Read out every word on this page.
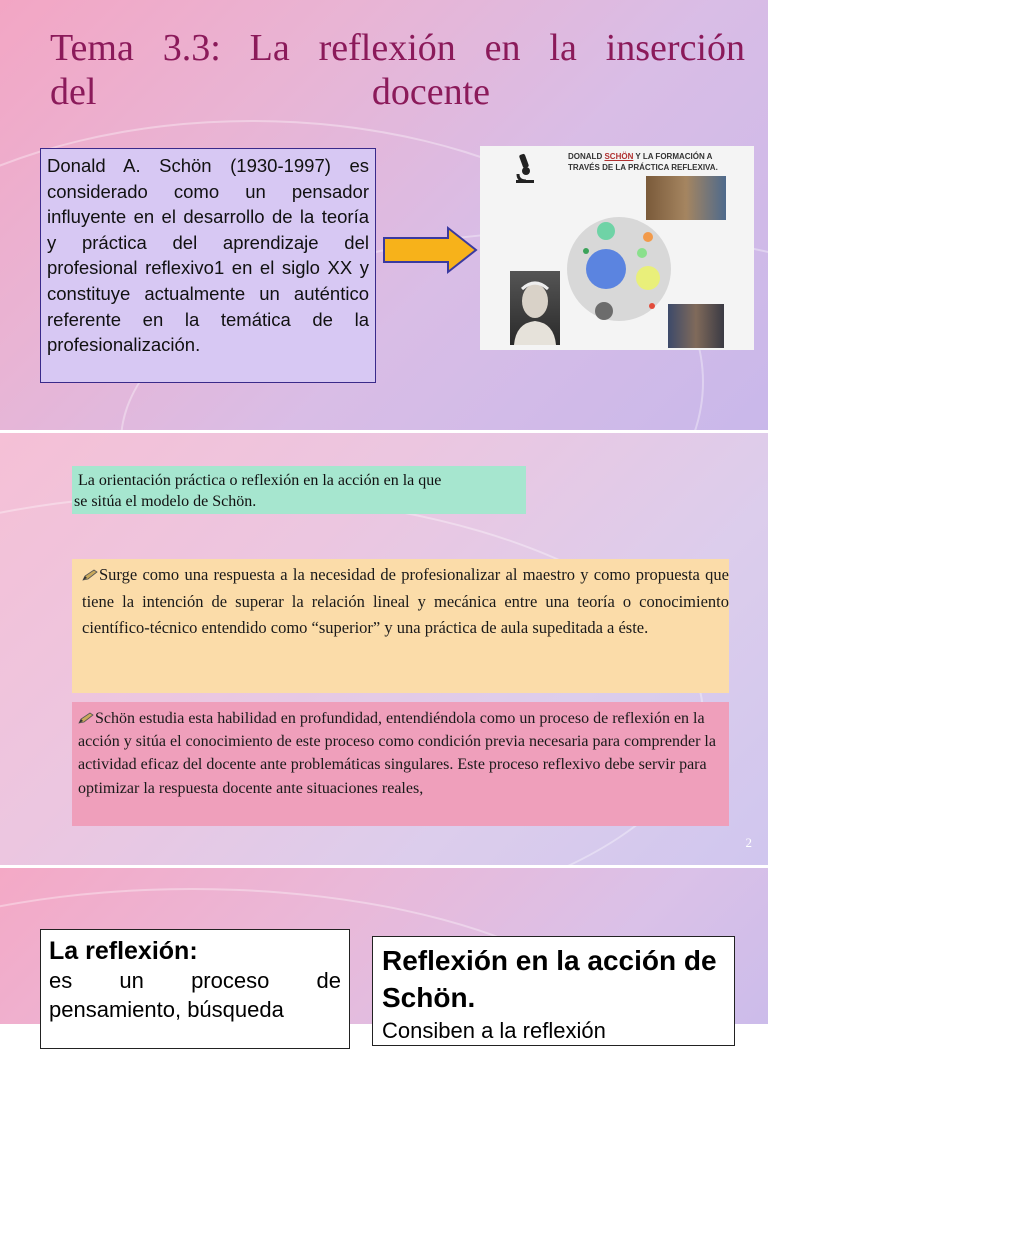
Tema 3.3: La reflexión en la inserción
del	docente
Donald A. Schön (1930-1997) es considerado como un pensador influyente en el desarrollo de la teoría y práctica del aprendizaje del profesional reflexivo1 en el siglo XX y constituye actualmente un auténtico referente en la temática de la profesionalización.
DONALD SCHÖN Y LA FORMACIÓN A TRAVÉS DE LA PRÁCTICA REFLEXIVA.
La orientación práctica o reflexión en la acción en la que
se sitúa el modelo de Schön.
Surge como una respuesta a la necesidad de profesionalizar al maestro y como propuesta que tiene la intención de superar la relación lineal y mecánica entre una teoría o conocimiento científico-técnico entendido como “superior” y una práctica de aula supeditada a éste.
Schön estudia esta habilidad en profundidad, entendiéndola como un proceso de reflexión en la acción y sitúa el conocimiento de este proceso como condición previa necesaria para comprender la actividad eficaz del docente ante problemáticas singulares. Este proceso reflexivo debe servir para optimizar la respuesta docente ante situaciones reales,
2
La reflexión:
es un proceso de pensamiento, búsqueda
Reflexión en la acción de Schön.
Consiben a la reflexión
